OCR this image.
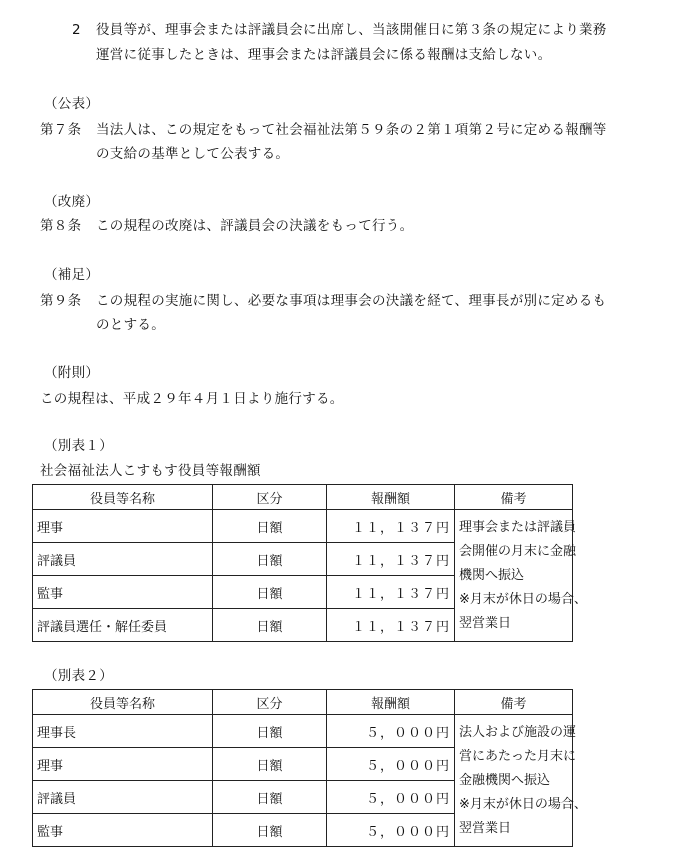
2 役員等が、理事会または評議員会に出席し、当該開催日に第３条の規定により業務
運営に従事したときは、理事会または評議員会に係る報酬は支給しない。
（公表）
第７条 当法人は、この規定をもって社会福祉法第５９条の２第１項第２号に定める報酬等
の支給の基準として公表する。
（改廃）
第８条 この規程の改廃は、評議員会の決議をもって行う。
（補足）
第９条 この規程の実施に関し、必要な事項は理事会の決議を経て、理事長が別に定めるも
のとする。
（附則）
この規程は、平成２９年４月１日より施行する。
（別表１）
社会福祉法人こすもす役員等報酬額
役員等名称	区分	報酬額	備考
理事	日額	１１，１３７円	理事会または評議員
会開催の月末に金融
機関へ振込
※月末が休日の場合、
翌営業日

評議員	日額	１１，１３７円	
監事	日額	１１，１３７円	
評議員選任・解任委員	日額	１１，１３７円	
（別表２）
役員等名称	区分	報酬額	備考
理事長	日額	５，０００円	法人および施設の運
営にあたった月末に
金融機関へ振込
※月末が休日の場合、
翌営業日

理事	日額	５，０００円	
評議員	日額	５，０００円	
監事	日額	５，０００円	
